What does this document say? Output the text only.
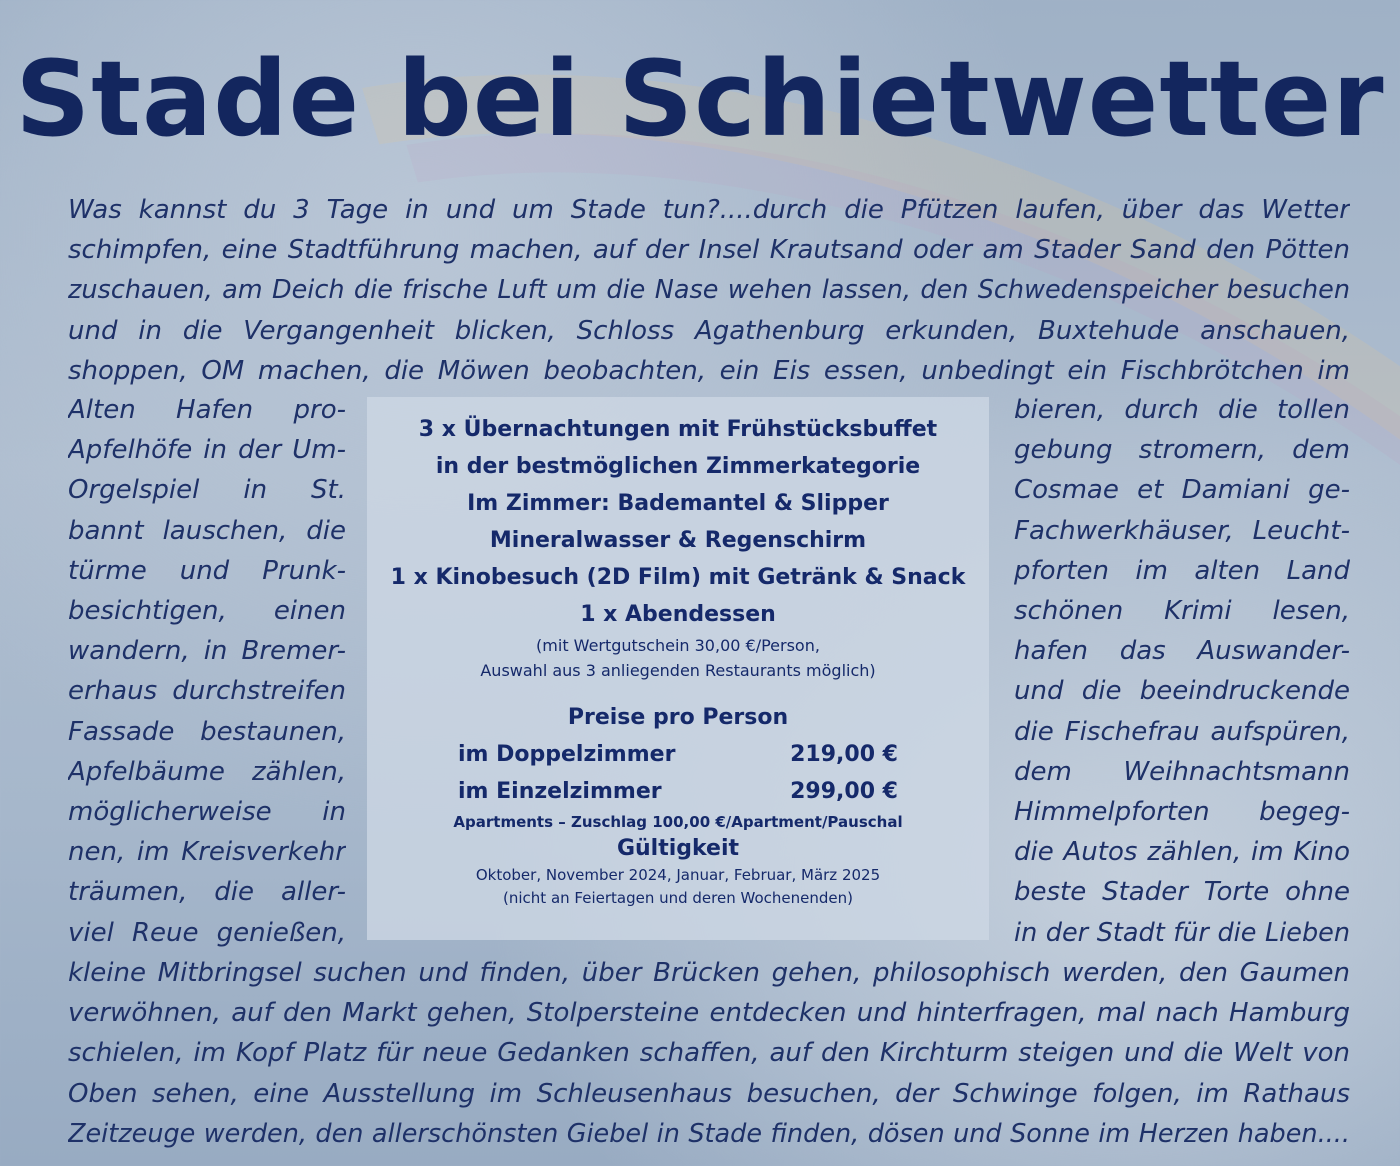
Stade bei Schietwetter
Was kannst du 3 Tage in und um Stade tun?....durch die Pfützen laufen, über das Wetter
schimpfen, eine Stadtführung machen, auf der Insel Krautsand oder am Stader Sand den Pötten
zuschauen, am Deich die frische Luft um die Nase wehen lassen, den Schwedenspeicher besuchen
und in die Vergangenheit blicken, Schloss Agathenburg erkunden, Buxtehude anschauen,
shoppen, OM machen, die Möwen beobachten, ein Eis essen, unbedingt ein Fischbrötchen im
Alten Hafen pro-
Apfelhöfe in der Um-
Orgelspiel in St.
bannt lauschen, die
türme und Prunk-
besichtigen, einen
wandern, in Bremer-
erhaus durchstreifen
Fassade bestaunen,
Apfelbäume zählen,
möglicherweise in
nen, im Kreisverkehr
träumen, die aller-
viel Reue genießen,
bieren, durch die tollen
gebung stromern, dem
Cosmae et Damiani ge-
Fachwerkhäuser, Leucht-
pforten im alten Land
schönen Krimi lesen,
hafen das Auswander-
und die beeindruckende
die Fischefrau aufspüren,
dem Weihnachtsmann
Himmelpforten begeg-
die Autos zählen, im Kino
beste Stader Torte ohne
in der Stadt für die Lieben
3 x Übernachtungen mit Frühstücksbuffet
in der bestmöglichen Zimmerkategorie
Im Zimmer: Bademantel & Slipper
Mineralwasser & Regenschirm
1 x Kinobesuch (2D Film) mit Getränk & Snack
1 x Abendessen
(mit Wertgutschein 30,00 €/Person,
Auswahl aus 3 anliegenden Restaurants möglich)
Preise pro Person
im Doppelzimmer	219,00 €
im Einzelzimmer	299,00 €
Apartments – Zuschlag 100,00 €/Apartment/Pauschal
Gültigkeit
Oktober, November 2024, Januar, Februar, März 2025
(nicht an Feiertagen und deren Wochenenden)
kleine Mitbringsel suchen und finden, über Brücken gehen, philosophisch werden, den Gaumen
verwöhnen, auf den Markt gehen, Stolpersteine entdecken und hinterfragen, mal nach Hamburg
schielen, im Kopf Platz für neue Gedanken schaffen, auf den Kirchturm steigen und die Welt von
Oben sehen, eine Ausstellung im Schleusenhaus besuchen, der Schwinge folgen, im Rathaus
Zeitzeuge werden, den allerschönsten Giebel in Stade finden, dösen und Sonne im Herzen haben....
